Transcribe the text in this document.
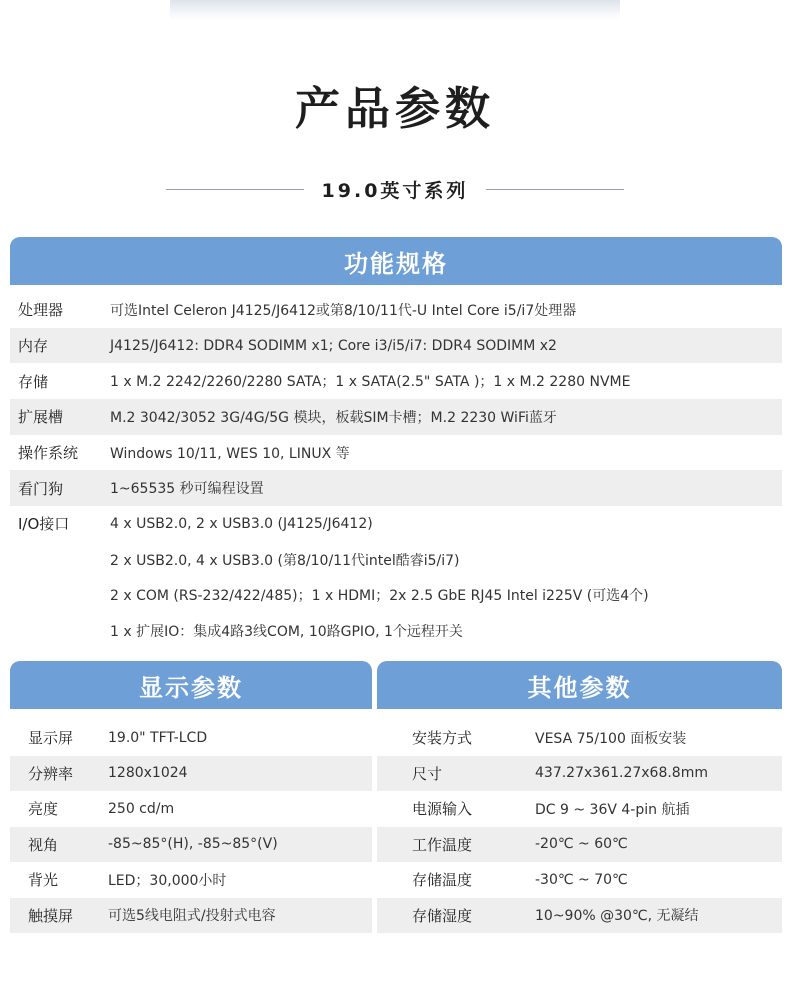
产品参数
19.0英寸系列
功能规格
处理器	可选Intel Celeron J4125/J6412或第8/10/11代-U Intel Core i5/i7处理器
内存	J4125/J6412: DDR4 SODIMM x1; Core i3/i5/i7: DDR4 SODIMM x2
存储	1 x M.2 2242/2260/2280 SATA；1 x SATA(2.5" SATA )；1 x M.2 2280 NVME
扩展槽	M.2 3042/3052 3G/4G/5G 模块，板载SIM卡槽；M.2 2230 WiFi蓝牙
操作系统	Windows 10/11, WES 10, LINUX 等
看门狗	1~65535 秒可编程设置
I/O接口	4 x USB2.0, 2 x USB3.0 (J4125/J6412)
2 x USB2.0, 4 x USB3.0 (第8/10/11代intel酷睿i5/i7)
2 x COM (RS-232/422/485)；1 x HDMI；2x 2.5 GbE RJ45 Intel i225V (可选4个)
1 x 扩展IO：集成4路3线COM, 10路GPIO, 1个远程开关
显示参数
显示屏	19.0" TFT-LCD
分辨率	1280x1024
亮度	250 cd/m
视角	-85~85°(H), -85~85°(V)
背光	LED；30,000小时
触摸屏	可选5线电阻式/投射式电容
其他参数
安装方式	VESA 75/100 面板安装
尺寸	437.27x361.27x68.8mm
电源输入	DC 9 ~ 36V 4-pin 航插
工作温度	-20℃ ~ 60℃
存储温度	-30℃ ~ 70℃
存储湿度	10~90% @30℃, 无凝结
